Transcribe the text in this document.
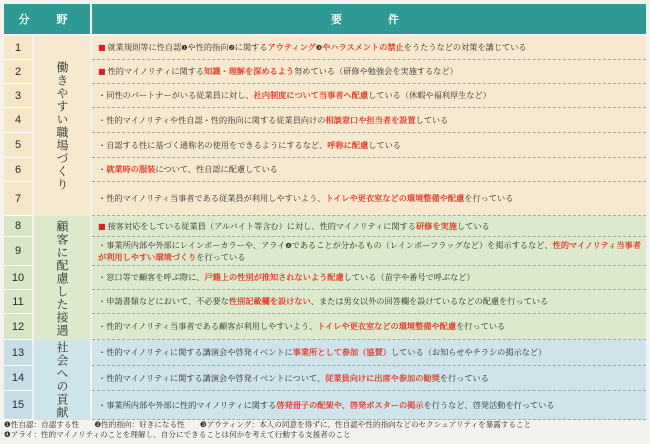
分　野	要　　件
1
2
3
4
5
6
7
8
9
10
11
12
13
14
15
働きやすい職場づくり
顧客に配慮した接遇
社会への貢献
■ 就業規則等に性自認❶や性的指向❷に関するアウティング❸やハラスメントの禁止をうたうなどの対策を講じている
■ 性的マイノリティに関する知識・理解を深めるよう努めている（研修や勉強会を実施するなど）
・同性のパートナーがいる従業員に対し、社内制度について当事者へ配慮している（休暇や福利厚生など）
・性的マイノリティや性自認・性的指向に関する従業員向けの相談窓口や担当者を設置している
・自認する性に基づく通称名の使用をできるようにするなど、呼称に配慮している
・就業時の服装について、性自認に配慮している
・性的マイノリティ当事者である従業員が利用しやすいよう、トイレや更衣室などの環境整備や配慮を行っている
■ 接客対応をしている従業員（アルバイト等含む）に対し、性的マイノリティに関する研修を実施している
・事業所内部や外部にレインボーカラーや、アライ❹であることが分かるもの（レインボーフラッグなど）を掲示するなど、性的マイノリティ当事者が利用しやすい環境づくりを行っている
・窓口等で顧客を呼ぶ際に、戸籍上の性別が推知されないよう配慮している（苗字や番号で呼ぶなど）
・申請書類などにおいて、不必要な性別記載欄を設けない、または男女以外の回答欄を設けているなどの配慮を行っている
・性的マイノリティ当事者である顧客が利用しやすいよう、トイレや更衣室などの環境整備や配慮を行っている
・性的マイノリティに関する講演会や啓発イベントに事業所として参加（協賛）している（お知らせやチラシの掲示など）
・性的マイノリティに関する講演会や啓発イベントについて、従業員向けに出席や参加の勧奨を行っている
・事業所内部や外部に性的マイノリティに関する啓発冊子の配架や、啓発ポスターの掲示を行うなど、啓発活動を行っている
❶性自認：自認する性　　❷性的指向：好きになる性　　❸アウティング：本人の同意を得ずに、性自認や性的指向などのセクシュアリティを暴露すること
❹アライ：性的マイノリティのことを理解し、自分にできることは何かを考えて行動する支援者のこと
